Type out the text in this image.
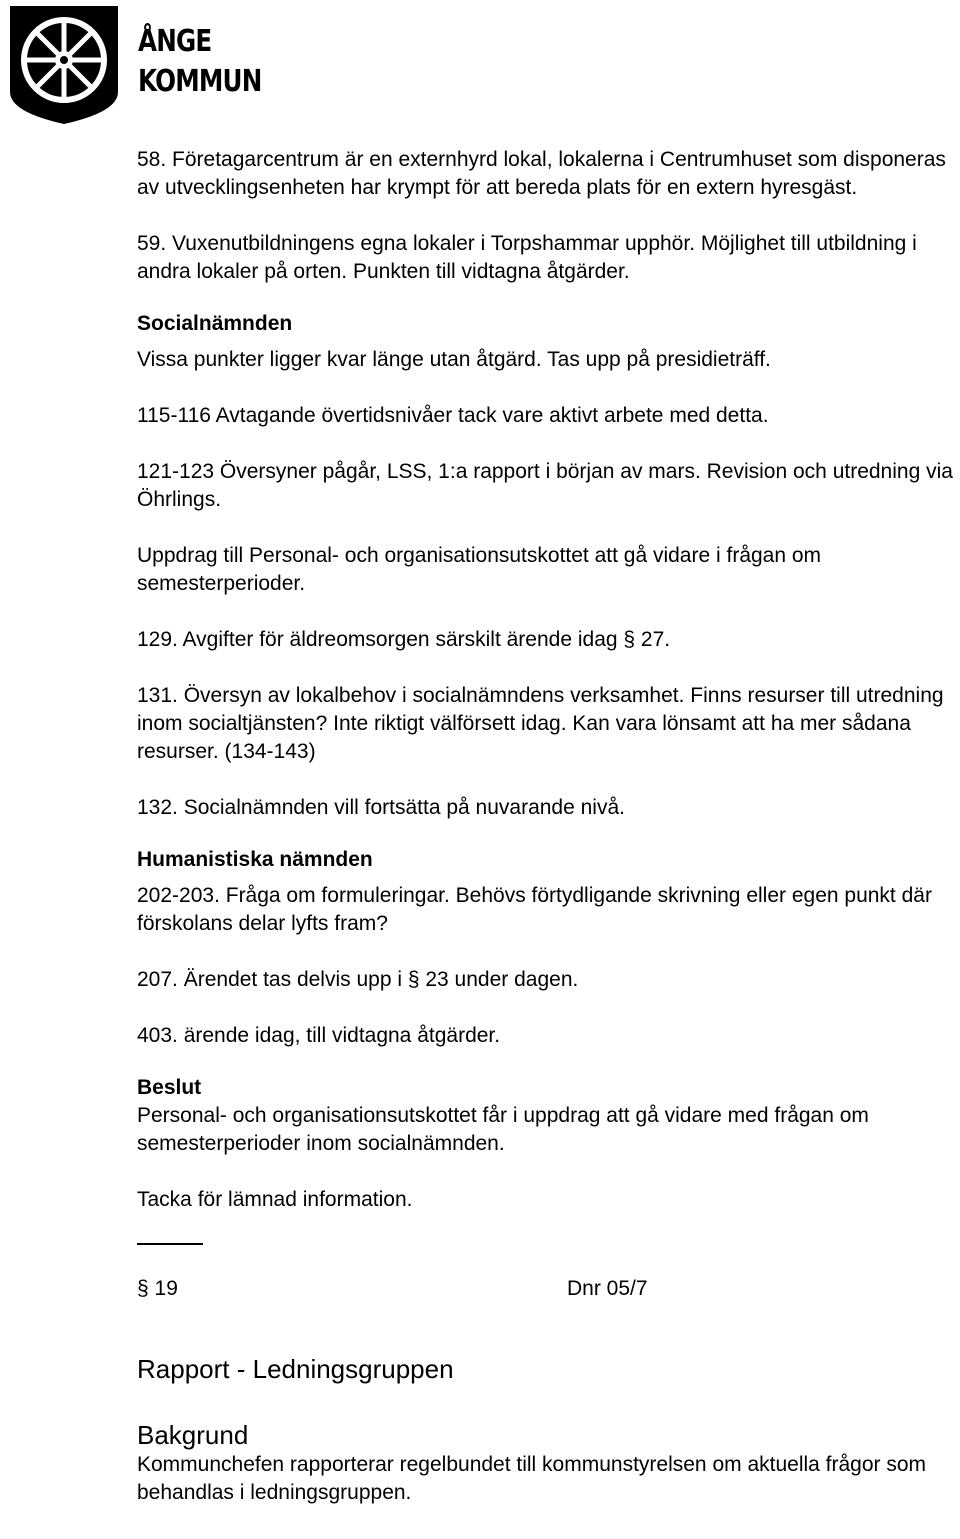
ÅNGE
KOMMUN

58. Företagarcentrum är en externhyrd lokal, lokalerna i Centrumhuset som disponeras av utvecklingsenheten har krympt för att bereda plats för en extern hyresgäst.

59. Vuxenutbildningens egna lokaler i Torpshammar upphör. Möjlighet till utbildning i andra lokaler på orten. Punkten till vidtagna åtgärder.

Socialnämnden

Vissa punkter ligger kvar länge utan åtgärd. Tas upp på presidieträff.

115-116 Avtagande övertidsnivåer tack vare aktivt arbete med detta.

121-123 Översyner pågår, LSS, 1:a rapport i början av mars. Revision och utredning via Öhrlings.

Uppdrag till Personal- och organisationsutskottet att gå vidare i frågan om semesterperioder.

129. Avgifter för äldreomsorgen särskilt ärende idag § 27.

131. Översyn av lokalbehov i socialnämndens verksamhet. Finns resurser till utredning inom socialtjänsten? Inte riktigt välförsett idag. Kan vara lönsamt att ha mer sådana resurser. (134-143)

132. Socialnämnden vill fortsätta på nuvarande nivå.

Humanistiska nämnden

202-203. Fråga om formuleringar. Behövs förtydligande skrivning eller egen punkt där förskolans delar lyfts fram?

207. Ärendet tas delvis upp i § 23 under dagen.

403. ärende idag, till vidtagna åtgärder.

Beslut

Personal- och organisationsutskottet får i uppdrag att gå vidare med frågan om semesterperioder inom socialnämnden.

Tacka för lämnad information.

§ 19	Dnr 05/7
Rapport - Ledningsgruppen
Bakgrund

Kommunchefen rapporterar regelbundet till kommunstyrelsen om aktuella frågor som behandlas i ledningsgruppen.
